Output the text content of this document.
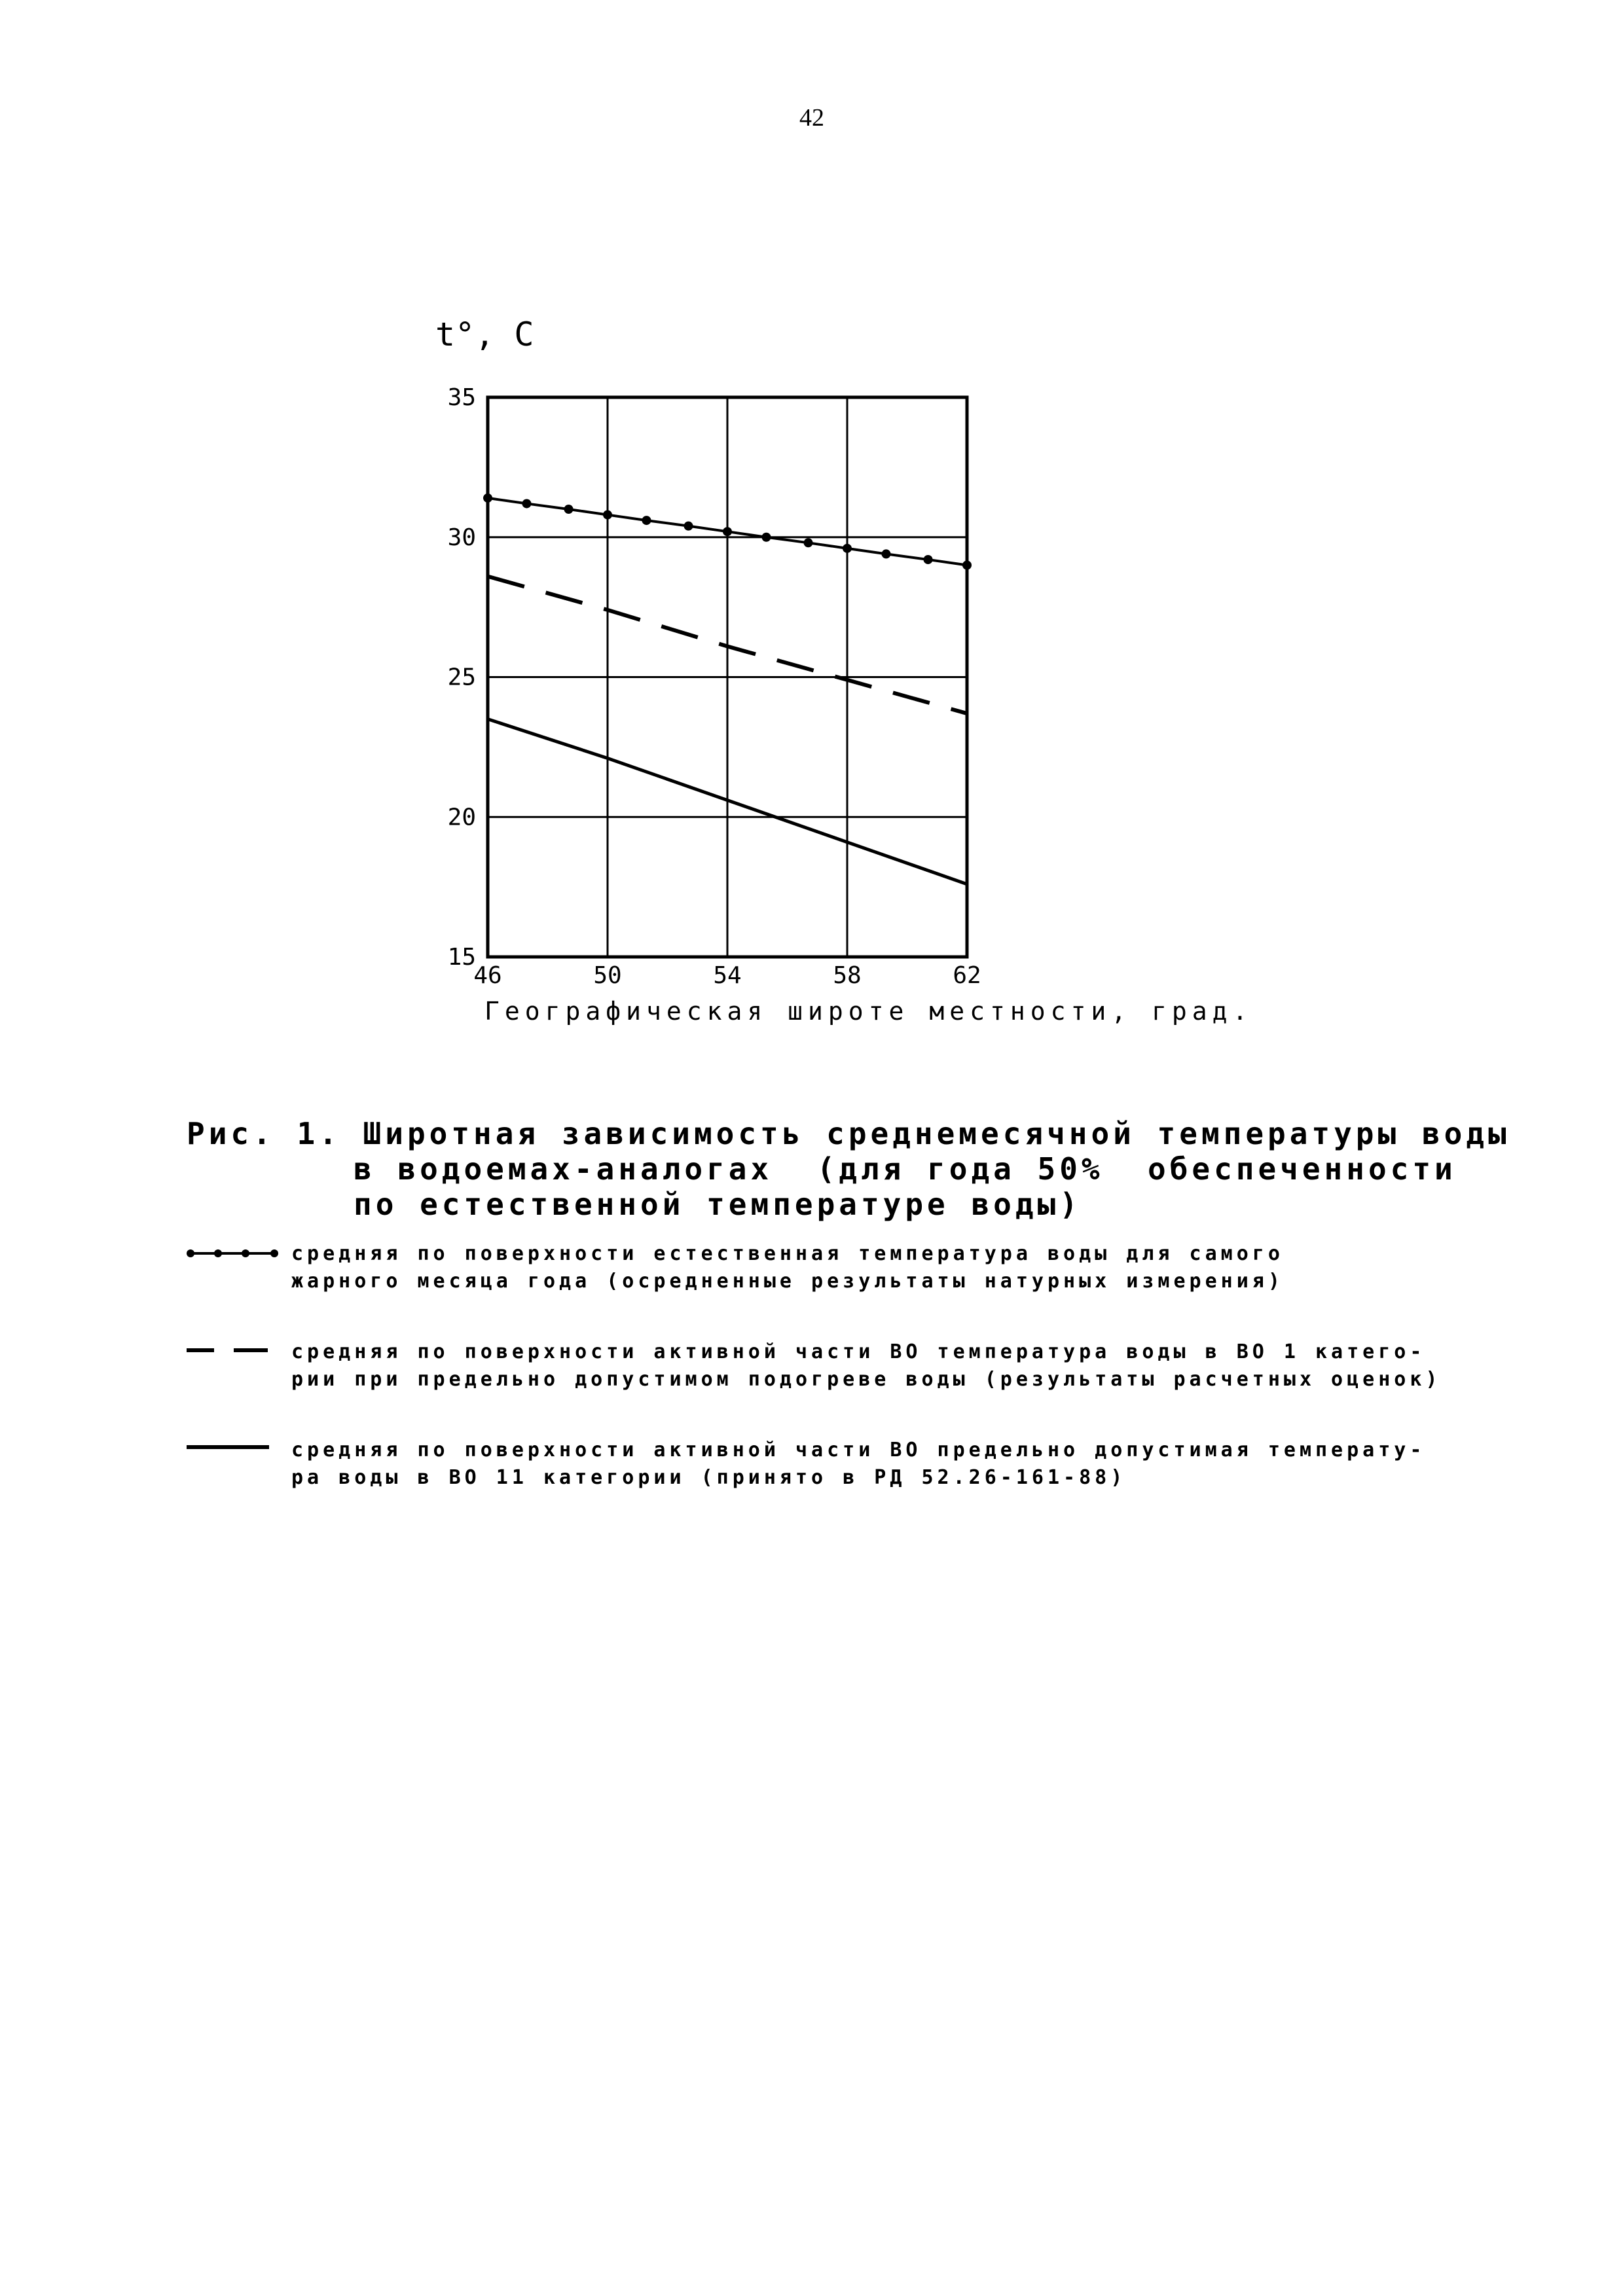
42
t°, C
46	50	54	58	62
15
20
25
30
35
Географическая широте местности, град.
Рис. 1. Широтная зависимость среднемесячной температуры воды
в водоемах-аналогах  (для года 50%  обеспеченности
по естественной температуре воды)
средняя по поверхности естественная температура воды для самого
жарного месяца года (осредненные результаты натурных измерения)
средняя по поверхности активной части ВО температура воды в ВО 1 катего-
рии при предельно допустимом подогреве воды (результаты расчетных оценок)
средняя по поверхности активной части ВО предельно допустимая температу-
ра воды в ВО 11 категории (принято в РД 52.26-161-88)
